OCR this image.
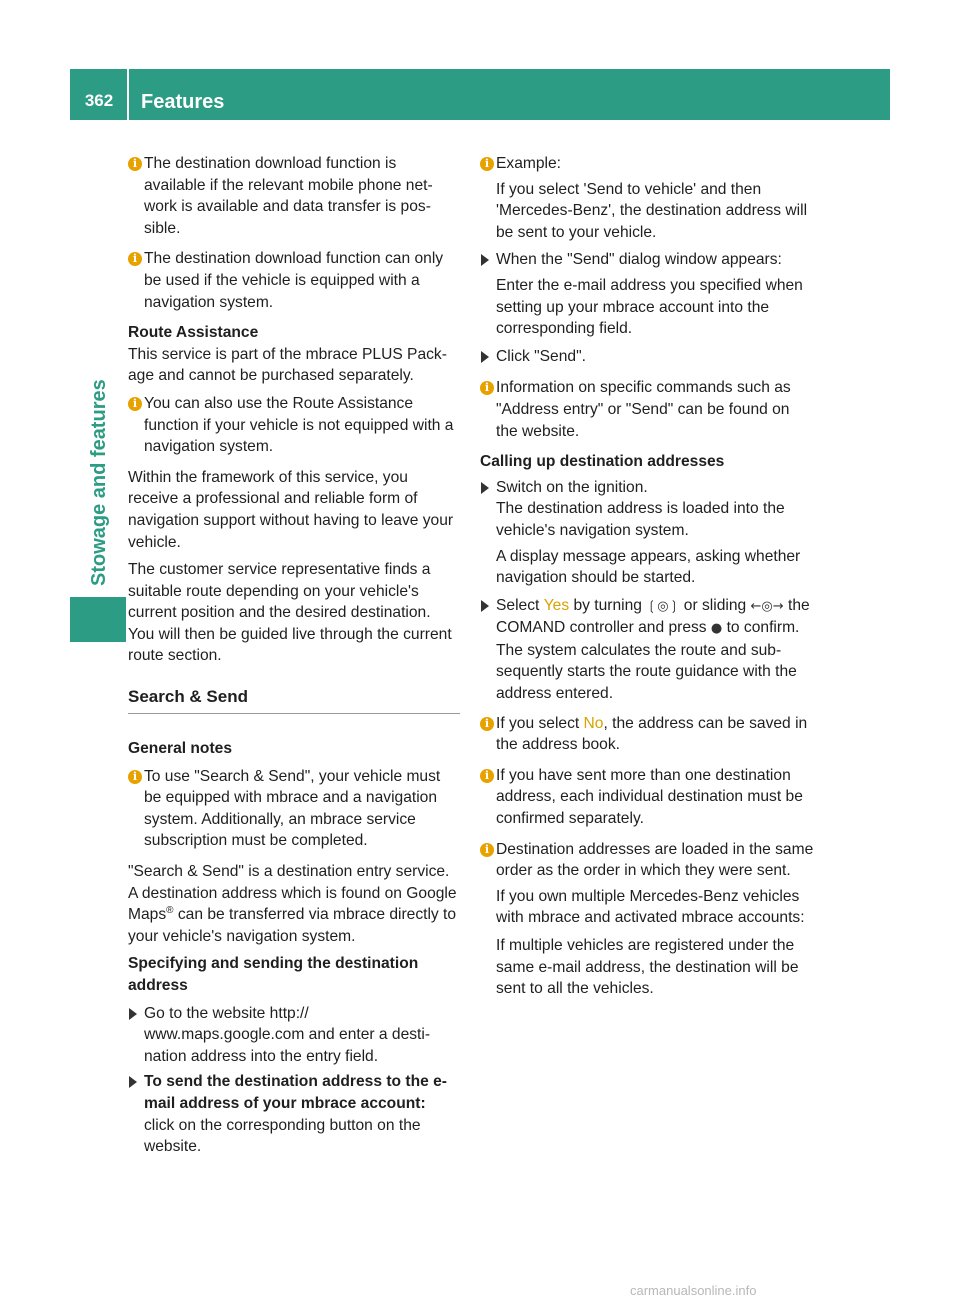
362	Features
Stowage and features
i The destination download function is available if the relevant mobile phone network is available and data transfer is possible.

i The destination download function can only be used if the vehicle is equipped with a navigation system.

Route Assistance

This service is part of the mbrace PLUS Package and cannot be purchased separately.

i You can also use the Route Assistance function if your vehicle is not equipped with a navigation system.

Within the framework of this service, you receive a professional and reliable form of navigation support without having to leave your vehicle.

The customer service representative finds a suitable route depending on your vehicle's current position and the desired destination. You will then be guided live through the current route section.

Search & Send

General notes

i To use "Search & Send", your vehicle must be equipped with mbrace and a navigation system. Additionally, an mbrace service subscription must be completed.

"Search & Send" is a destination entry service. A destination address which is found on Google Maps® can be transferred via mbrace directly to your vehicle's navigation system.

Specifying and sending the destination address

Go to the website http:// www.maps.google.com and enter a destination address into the entry field.

To send the destination address to the e-mail address of your mbrace account: click on the corresponding button on the website.

i Example:

If you select 'Send to vehicle' and then 'Mercedes-Benz', the destination address will be sent to your vehicle.

When the "Send" dialog window appears:

Enter the e-mail address you specified when setting up your mbrace account into the corresponding field.

Click "Send".

i Information on specific commands such as "Address entry" or "Send" can be found on the website.

Calling up destination addresses

Switch on the ignition.
The destination address is loaded into the vehicle's navigation system.

A display message appears, asking whether navigation should be started.

Select Yes by turning ❲◎❳ or sliding ←◎→ the COMAND controller and press ● to confirm.
The system calculates the route and subsequently starts the route guidance with the address entered.

i If you select No, the address can be saved in the address book.

i If you have sent more than one destination address, each individual destination must be confirmed separately.

i Destination addresses are loaded in the same order as the order in which they were sent.

If you own multiple Mercedes-Benz vehicles with mbrace and activated mbrace accounts:

If multiple vehicles are registered under the same e-mail address, the destination will be sent to all the vehicles.

carmanualsonline.info
